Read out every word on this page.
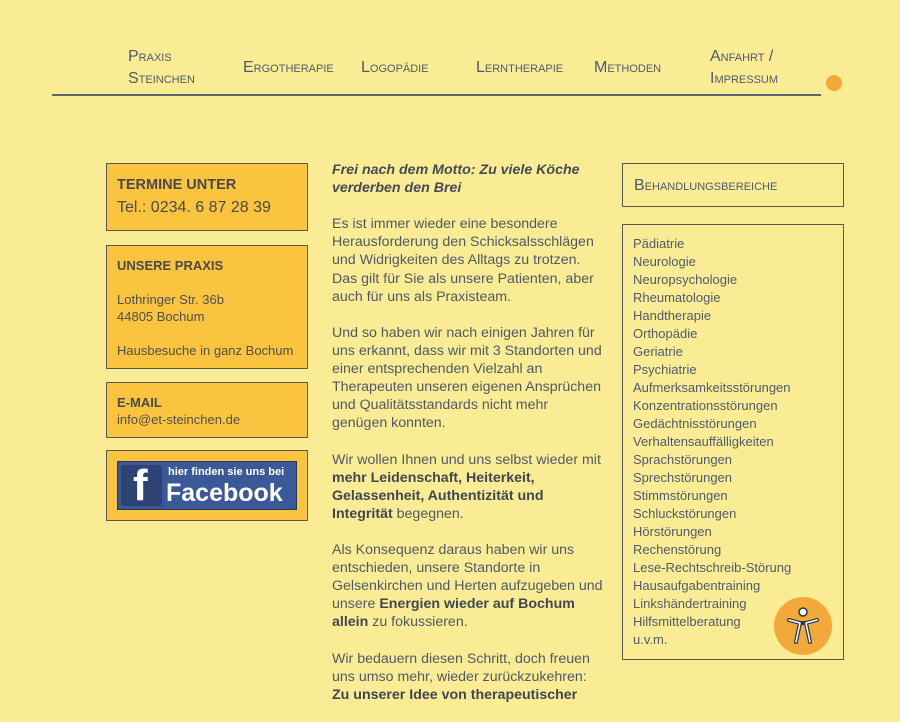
Praxis
Steinchen
Ergotherapie Logopädie	Lerntherapie Methoden
Anfahrt /
Impressum
TERMINE UNTER
Tel.: 0234. 6 87 28 39
UNSERE PRAXIS
Lothringer Str. 36b
44805 Bochum
Hausbesuche in ganz Bochum
E-MAIL
info@et-steinchen.de
f hier finden sie uns bei
Facebook

Frei nach dem Motto: Zu viele Köche verderben den Brei

Es ist immer wieder eine besondere Herausforderung den Schicksalsschlägen und Widrigkeiten des Alltags zu trotzen. Das gilt für Sie als unsere Patienten, aber auch für uns als Praxisteam.

Und so haben wir nach einigen Jahren für uns erkannt, dass wir mit 3 Standorten und einer entsprechenden Vielzahl an Therapeuten unseren eigenen Ansprüchen und Qualitätsstandards nicht mehr genügen konnten.

Wir wollen Ihnen und uns selbst wieder mit mehr Leidenschaft, Heiterkeit, Gelassenheit, Authentizität und Integrität begegnen.

Als Konsequenz daraus haben wir uns entschieden, unsere Standorte in Gelsenkirchen und Herten aufzugeben und unsere Energien wieder auf Bochum allein zu fokussieren.

Wir bedauern diesen Schritt, doch freuen uns umso mehr, wieder zurückzukehren:
Zu unserer Idee von therapeutischer

Behandlungsbereiche
Pädiatrie
Neurologie
Neuropsychologie
Rheumatologie
Handtherapie
Orthopädie
Geriatrie
Psychiatrie
Aufmerksamkeitsstörungen
Konzentrationsstörungen
Gedächtnisstörungen
Verhaltensauffälligkeiten
Sprachstörungen
Sprechstörungen
Stimmstörungen
Schluckstörungen
Hörstörungen
Rechenstörung
Lese-Rechtschreib-Störung
Hausaufgabentraining
Linkshändertraining
Hilfsmittelberatung
u.v.m.
